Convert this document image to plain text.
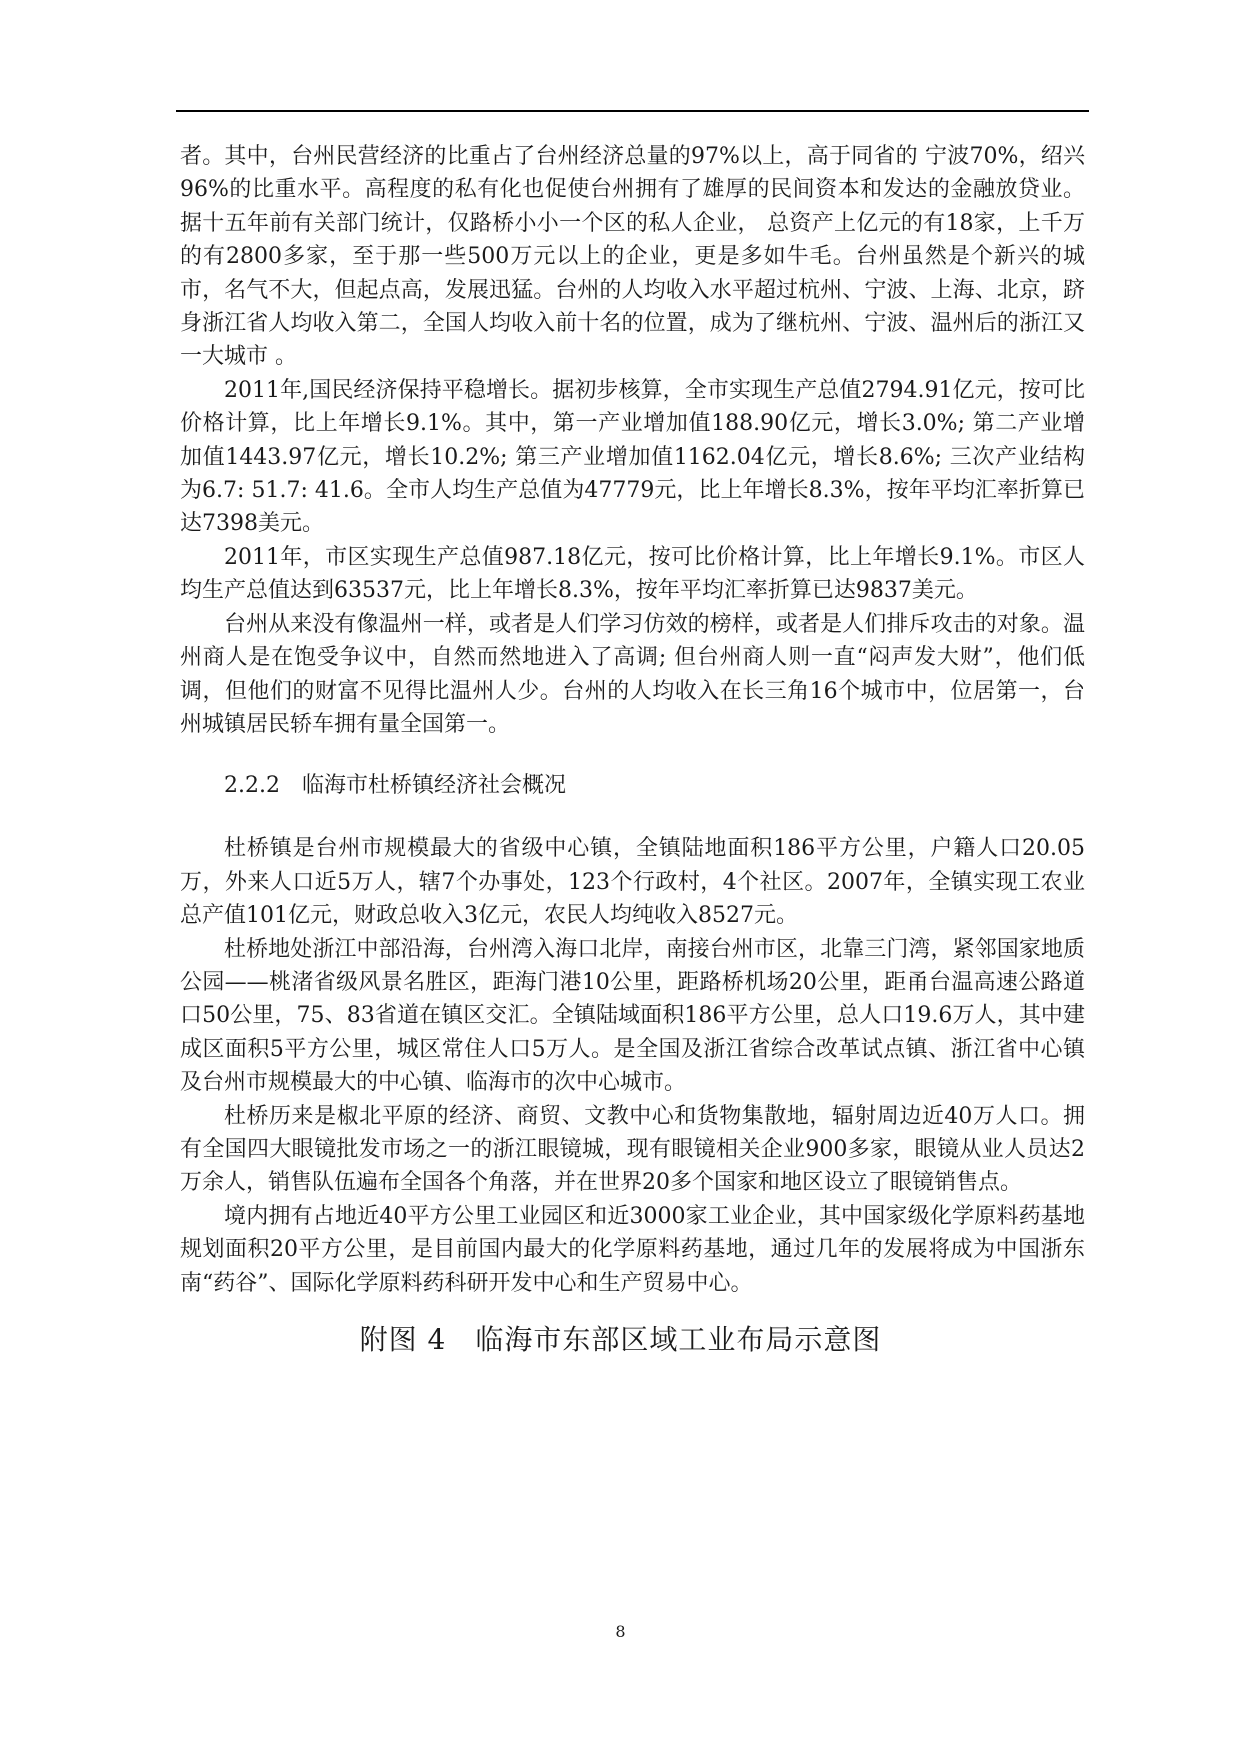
者。其中，台州民营经济的比重占了台州经济总量的97%以上，高于同省的 宁波70%，绍兴96%的比重水平。高程度的私有化也促使台州拥有了雄厚的民间资本和发达的金融放贷业。据十五年前有关部门统计，仅路桥小小一个区的私人企业， 总资产上亿元的有18家，上千万的有2800多家，至于那一些500万元以上的企业，更是多如牛毛。台州虽然是个新兴的城市，名气不大，但起点高，发展迅猛。台州的人均收入水平超过杭州、宁波、上海、北京，跻身浙江省人均收入第二，全国人均收入前十名的位置，成为了继杭州、宁波、温州后的浙江又一大城市 。

2011年,国民经济保持平稳增长。据初步核算，全市实现生产总值2794.91亿元，按可比价格计算，比上年增长9.1%。其中，第一产业增加值188.90亿元，增长3.0%; 第二产业增加值1443.97亿元，增长10.2%; 第三产业增加值1162.04亿元，增长8.6%; 三次产业结构为6.7: 51.7: 41.6。全市人均生产总值为47779元，比上年增长8.3%，按年平均汇率折算已达7398美元。

2011年，市区实现生产总值987.18亿元，按可比价格计算，比上年增长9.1%。市区人均生产总值达到63537元，比上年增长8.3%，按年平均汇率折算已达9837美元。

台州从来没有像温州一样，或者是人们学习仿效的榜样，或者是人们排斥攻击的对象。温州商人是在饱受争议中，自然而然地进入了高调; 但台州商人则一直“闷声发大财”，他们低调，但他们的财富不见得比温州人少。台州的人均收入在长三角16个城市中，位居第一，台州城镇居民轿车拥有量全国第一。

2.2.2　临海市杜桥镇经济社会概况

杜桥镇是台州市规模最大的省级中心镇，全镇陆地面积186平方公里，户籍人口20.05万，外来人口近5万人，辖7个办事处，123个行政村，4个社区。2007年，全镇实现工农业总产值101亿元，财政总收入3亿元，农民人均纯收入8527元。

杜桥地处浙江中部沿海，台州湾入海口北岸，南接台州市区，北靠三门湾，紧邻国家地质公园——桃渚省级风景名胜区，距海门港10公里，距路桥机场20公里，距甬台温高速公路道口50公里，75、83省道在镇区交汇。全镇陆域面积186平方公里，总人口19.6万人，其中建成区面积5平方公里，城区常住人口5万人。是全国及浙江省综合改革试点镇、浙江省中心镇及台州市规模最大的中心镇、临海市的次中心城市。

杜桥历来是椒北平原的经济、商贸、文教中心和货物集散地，辐射周边近40万人口。拥有全国四大眼镜批发市场之一的浙江眼镜城，现有眼镜相关企业900多家，眼镜从业人员达2万余人，销售队伍遍布全国各个角落，并在世界20多个国家和地区设立了眼镜销售点。

境内拥有占地近40平方公里工业园区和近3000家工业企业，其中国家级化学原料药基地规划面积20平方公里，是目前国内最大的化学原料药基地，通过几年的发展将成为中国浙东南“药谷”、国际化学原料药科研开发中心和生产贸易中心。

附图 4　临海市东部区域工业布局示意图
8
